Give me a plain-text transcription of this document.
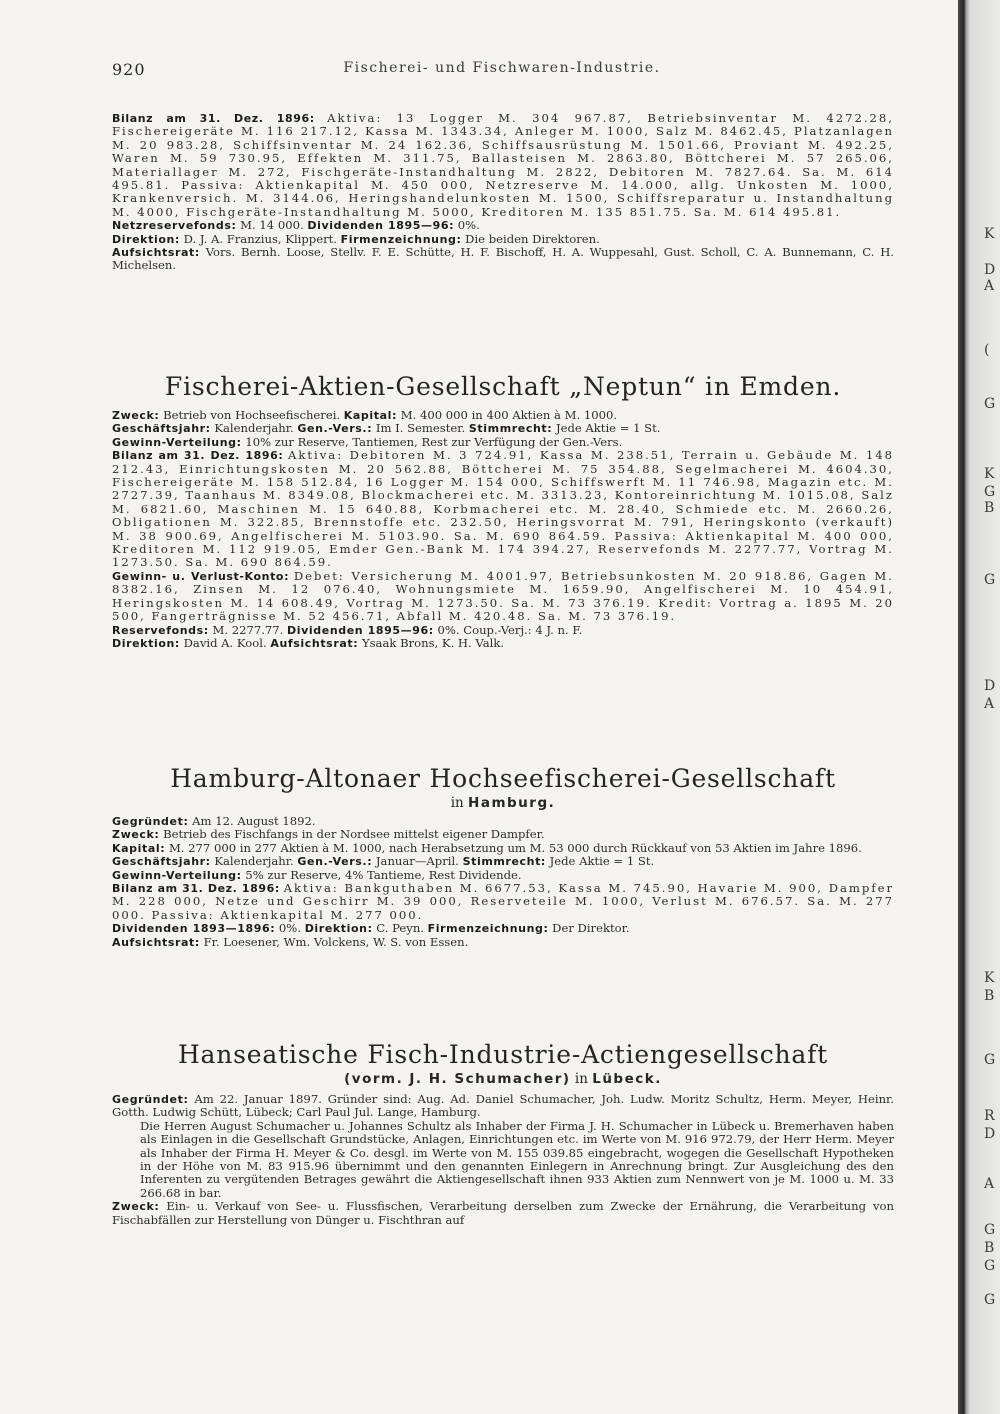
K
D
A
(
G
K
G
B
G
D
A
K
B
G
R
D
A
G
B
G
G
920	Fischerei- und Fischwaren-Industrie.

Bilanz am 31. Dez. 1896: Aktiva: 13 Logger M. 304 967.87, Betriebsinventar M. 4272.28, Fischereigeräte M. 116 217.12, Kassa M. 1343.34, Anleger M. 1000, Salz M. 8462.45, Platzanlagen M. 20 983.28, Schiffsinventar M. 24 162.36, Schiffsausrüstung M. 1501.66, Proviant M. 492.25, Waren M. 59 730.95, Effekten M. 311.75, Ballasteisen M. 2863.80, Böttcherei M. 57 265.06, Materiallager M. 272, Fischgeräte-Instandhaltung M. 2822, Debitoren M. 7827.64. Sa. M. 614 495.81. Passiva: Aktienkapital M. 450 000, Netzreserve M. 14.000, allg. Unkosten M. 1000, Krankenversich. M. 3144.06, Heringshandelunkosten M. 1500, Schiffsreparatur u. Instandhaltung M. 4000, Fischgeräte-Instandhaltung M. 5000, Kreditoren M. 135 851.75. Sa. M. 614 495.81.

Netzreservefonds: M. 14 000. Dividenden 1895—96: 0%.

Direktion: D. J. A. Franzius, Klippert. Firmenzeichnung: Die beiden Direktoren.

Aufsichtsrat: Vors. Bernh. Loose, Stellv. F. E. Schütte, H. F. Bischoff, H. A. Wuppesahl, Gust. Scholl, C. A. Bunnemann, C. H. Michelsen.

Fischerei-Aktien-Gesellschaft „Neptun“ in Emden.

Zweck: Betrieb von Hochseefischerei. Kapital: M. 400 000 in 400 Aktien à M. 1000.

Geschäftsjahr: Kalenderjahr. Gen.-Vers.: Im I. Semester. Stimmrecht: Jede Aktie = 1 St.

Gewinn-Verteilung: 10% zur Reserve, Tantiemen, Rest zur Verfügung der Gen.-Vers.

Bilanz am 31. Dez. 1896: Aktiva: Debitoren M. 3 724.91, Kassa M. 238.51, Terrain u. Gebäude M. 148 212.43, Einrichtungskosten M. 20 562.88, Böttcherei M. 75 354.88, Segelmacherei M. 4604.30, Fischereigeräte M. 158 512.84, 16 Logger M. 154 000, Schiffswerft M. 11 746.98, Magazin etc. M. 2727.39, Taanhaus M. 8349.08, Blockmacherei etc. M. 3313.23, Kontoreinrichtung M. 1015.08, Salz M. 6821.60, Maschinen M. 15 640.88, Korbmacherei etc. M. 28.40, Schmiede etc. M. 2660.26, Obligationen M. 322.85, Brennstoffe etc. 232.50, Heringsvorrat M. 791, Heringskonto (verkauft) M. 38 900.69, Angelfischerei M. 5103.90. Sa. M. 690 864.59. Passiva: Aktienkapital M. 400 000, Kreditoren M. 112 919.05, Emder Gen.-Bank M. 174 394.27, Reservefonds M. 2277.77, Vortrag M. 1273.50. Sa. M. 690 864.59.

Gewinn- u. Verlust-Konto: Debet: Versicherung M. 4001.97, Betriebsunkosten M. 20 918.86, Gagen M. 8382.16, Zinsen M. 12 076.40, Wohnungsmiete M. 1659.90, Angelfischerei M. 10 454.91, Heringskosten M. 14 608.49, Vortrag M. 1273.50. Sa. M. 73 376.19. Kredit: Vortrag a. 1895 M. 20 500, Fangerträgnisse M. 52 456.71, Abfall M. 420.48. Sa. M. 73 376.19.

Reservefonds: M. 2277.77. Dividenden 1895—96: 0%. Coup.-Verj.: 4 J. n. F.

Direktion: David A. Kool. Aufsichtsrat: Ysaak Brons, K. H. Valk.

Hamburg-Altonaer Hochseefischerei-Gesellschaft
in Hamburg.

Gegründet: Am 12. August 1892.

Zweck: Betrieb des Fischfangs in der Nordsee mittelst eigener Dampfer.

Kapital: M. 277 000 in 277 Aktien à M. 1000, nach Herabsetzung um M. 53 000 durch Rückkauf von 53 Aktien im Jahre 1896.

Geschäftsjahr: Kalenderjahr. Gen.-Vers.: Januar—April. Stimmrecht: Jede Aktie = 1 St.

Gewinn-Verteilung: 5% zur Reserve, 4% Tantieme, Rest Dividende.

Bilanz am 31. Dez. 1896: Aktiva: Bankguthaben M. 6677.53, Kassa M. 745.90, Havarie M. 900, Dampfer M. 228 000, Netze und Geschirr M. 39 000, Reserveteile M. 1000, Verlust M. 676.57. Sa. M. 277 000. Passiva: Aktienkapital M. 277 000.

Dividenden 1893—1896: 0%. Direktion: C. Peyn. Firmenzeichnung: Der Direktor.

Aufsichtsrat: Fr. Loesener, Wm. Volckens, W. S. von Essen.

Hanseatische Fisch-Industrie-Actiengesellschaft
(vorm. J. H. Schumacher) in Lübeck.

Gegründet: Am 22. Januar 1897. Gründer sind: Aug. Ad. Daniel Schumacher, Joh. Ludw. Moritz Schultz, Herm. Meyer, Heinr. Gotth. Ludwig Schütt, Lübeck; Carl Paul Jul. Lange, Hamburg.

Die Herren August Schumacher u. Johannes Schultz als Inhaber der Firma J. H. Schumacher in Lübeck u. Bremerhaven haben als Einlagen in die Gesellschaft Grundstücke, Anlagen, Einrichtungen etc. im Werte von M. 916 972.79, der Herr Herm. Meyer als Inhaber der Firma H. Meyer & Co. desgl. im Werte von M. 155 039.85 eingebracht, wogegen die Gesellschaft Hypotheken in der Höhe von M. 83 915.96 übernimmt und den genannten Einlegern in Anrechnung bringt. Zur Ausgleichung des den Inferenten zu vergütenden Betrages gewährt die Aktiengesellschaft ihnen 933 Aktien zum Nennwert von je M. 1000 u. M. 33 266.68 in bar.

Zweck: Ein- u. Verkauf von See- u. Flussfischen, Verarbeitung derselben zum Zwecke der Ernährung, die Verarbeitung von Fischabfällen zur Herstellung von Dünger u. Fischthran auf
